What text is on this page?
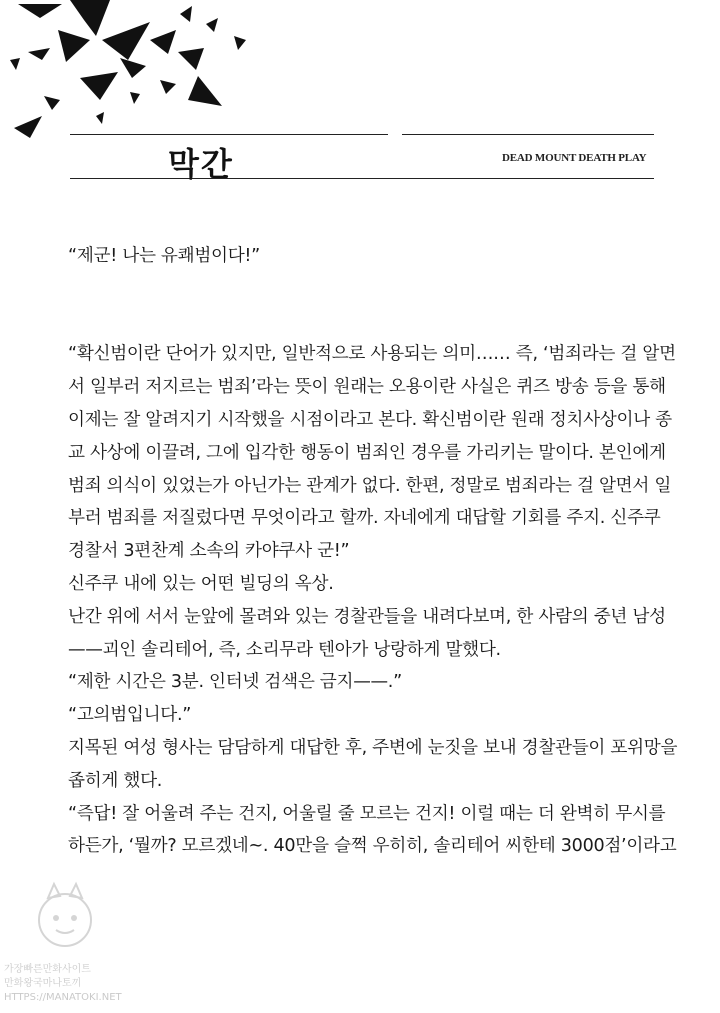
막간	DEAD MOUNT DEATH PLAY

“제군! 나는 유쾌범이다!”

“확신범이란 단어가 있지만, 일반적으로 사용되는 의미…… 즉, ‘범죄라는 걸 알면

서 일부러 저지르는 범죄’라는 뜻이 원래는 오용이란 사실은 퀴즈 방송 등을 통해

이제는 잘 알려지기 시작했을 시점이라고 본다. 확신범이란 원래 정치사상이나 종

교 사상에 이끌려, 그에 입각한 행동이 범죄인 경우를 가리키는 말이다. 본인에게

범죄 의식이 있었는가 아닌가는 관계가 없다. 한편, 정말로 범죄라는 걸 알면서 일

부러 범죄를 저질렀다면 무엇이라고 할까. 자네에게 대답할 기회를 주지. 신주쿠

경찰서 3편찬계 소속의 카야쿠사 군!”

신주쿠 내에 있는 어떤 빌딩의 옥상.

난간 위에 서서 눈앞에 몰려와 있는 경찰관들을 내려다보며, 한 사람의 중년 남성

——괴인 솔리테어, 즉, 소리무라 텐아가 낭랑하게 말했다.

“제한 시간은 3분. 인터넷 검색은 금지——.”

“고의범입니다.”

지목된 여성 형사는 담담하게 대답한 후, 주변에 눈짓을 보내 경찰관들이 포위망을

좁히게 했다.

“즉답! 잘 어울려 주는 건지, 어울릴 줄 모르는 건지! 이럴 때는 더 완벽히 무시를

하든가, ‘뭘까? 모르겠네~. 40만을 슬쩍 우히히, 솔리테어 씨한테 3000점’이라고

가장빠른만화사이트
만화왕국마나토끼
HTTPS://MANATOKI.NET
